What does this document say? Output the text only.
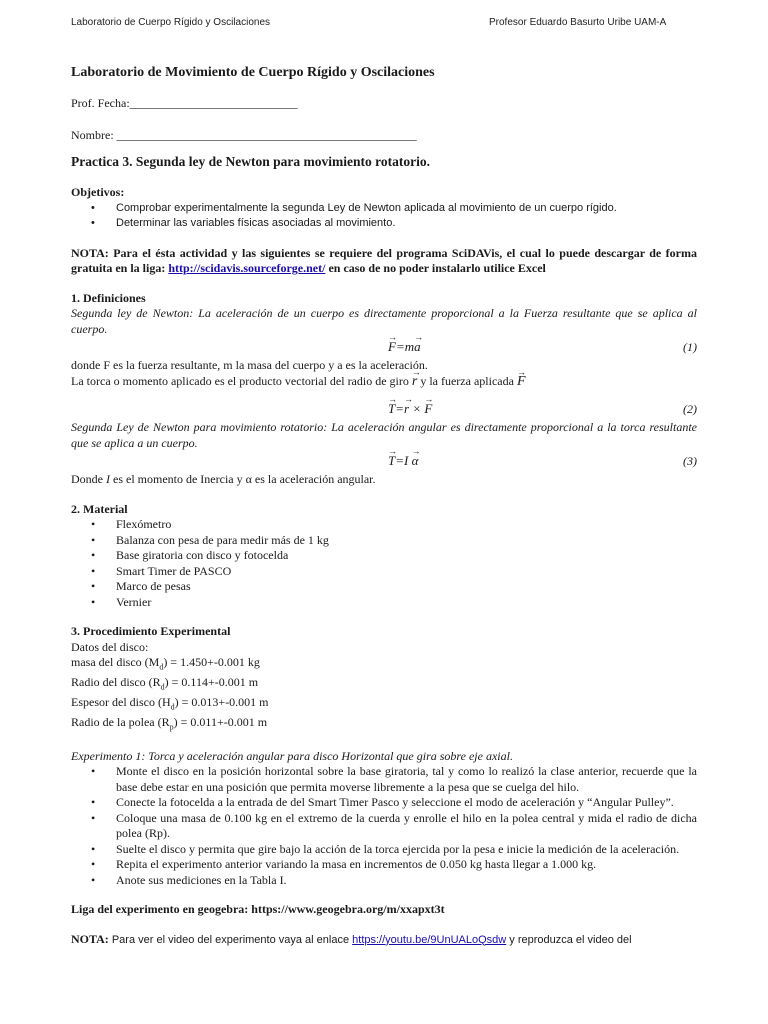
Laboratorio de Cuerpo Rígido y Oscilaciones	Profesor Eduardo Basurto Uribe UAM-A
Laboratorio de Movimiento de Cuerpo Rígido y Oscilaciones

Prof. Fecha:____________________________

Nombre: __________________________________________________

Practica 3. Segunda ley de Newton para movimiento rotatorio.

Objetivos:

• Comprobar experimentalmente la segunda Ley de Newton aplicada al movimiento de un cuerpo rígido.
• Determinar las variables físicas asociadas al movimiento.

NOTA: Para el ésta actividad y las siguientes se requiere del programa SciDAVis, el cual lo puede descargar de forma gratuita en la liga: http://scidavis.sourceforge.net/ en caso de no poder instalarlo utilice Excel

1. Definiciones

Segunda ley de Newton: La aceleración de un cuerpo es directamente proporcional a la Fuerza resultante que se aplica al cuerpo.

→ F=m→ a	(1)

donde F es la fuerza resultante, m la masa del cuerpo y a es la aceleración.

La torca o momento aplicado es el producto vectorial del radio de giro → r y la fuerza aplicada → F

→ T=→ r × → F	(2)

Segunda Ley de Newton para movimiento rotatorio: La aceleración angular es directamente proporcional a la torca resultante que se aplica a un cuerpo.

→ T=I → α	(3)

Donde I es el momento de Inercia y α es la aceleración angular.

2. Material

• Flexómetro
• Balanza con pesa de para medir más de 1 kg
• Base giratoria con disco y fotocelda
• Smart Timer de PASCO
• Marco de pesas
• Vernier

3. Procedimiento Experimental

Datos del disco:

masa del disco $(M_d) = 1.450+-0.001$ kg

Radio del disco $(R_d) = 0.114+-0.001$ m

Espesor del disco $(H_d) = 0.013+-0.001$ m

Radio de la polea $(R_p) = 0.011+-0.001$ m

Experimento 1: Torca y aceleración angular para disco Horizontal que gira sobre eje axial.

• Monte el disco en la posición horizontal sobre la base giratoria, tal y como lo realizó la clase anterior, recuerde que la base debe estar en una posición que permita moverse libremente a la pesa que se cuelga del hilo.
• Conecte la fotocelda a la entrada de del Smart Timer Pasco y seleccione el modo de aceleración y “Angular Pulley”.
• Coloque una masa de 0.100 kg en el extremo de la cuerda y enrolle el hilo en la polea central y mida el radio de dicha polea (Rp).
• Suelte el disco y permita que gire bajo la acción de la torca ejercida por la pesa e inicie la medición de la aceleración.
• Repita el experimento anterior variando la masa en incrementos de 0.050 kg hasta llegar a 1.000 kg.
• Anote sus mediciones en la Tabla I.

Liga del experimento en geogebra: https://www.geogebra.org/m/xxapxt3t

NOTA: Para ver el video del experimento vaya al enlace https://youtu.be/9UnUALoQsdw y reproduzca el video del
